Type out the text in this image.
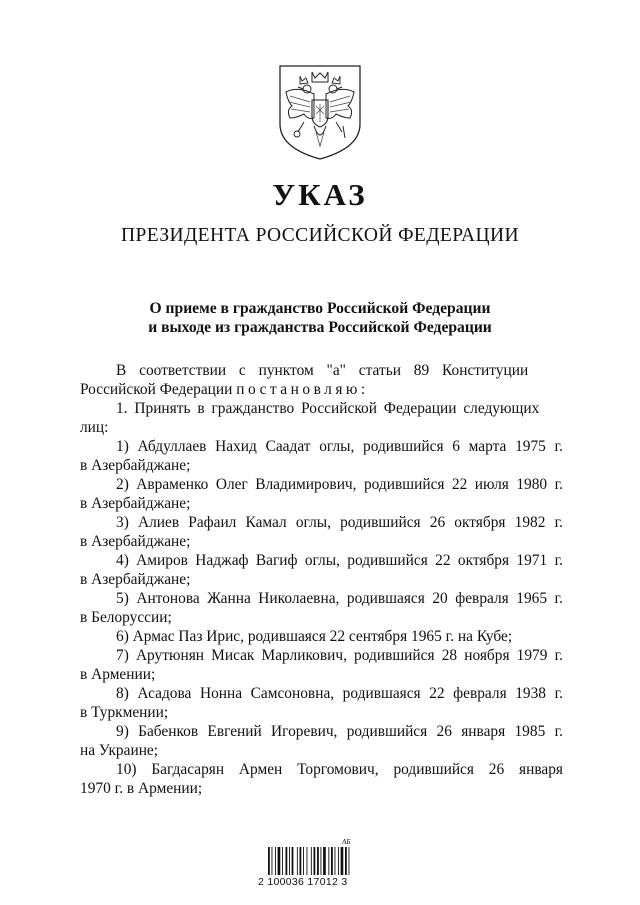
УКАЗ
ПРЕЗИДЕНТА РОССИЙСКОЙ ФЕДЕРАЦИИ
О приеме в гражданство Российской Федерации
и выходе из гражданства Российской Федерации

В соответствии с пунктом "а" статьи 89 Конституции

Российской Федерации постановляю:

1. Принять в гражданство Российской Федерации следующих

лиц:

1) Абдуллаев Нахид Саадат оглы, родившийся 6 марта 1975 г.

в Азербайджане;

2) Авраменко Олег Владимирович, родившийся 22 июля 1980 г.

в Азербайджане;

3) Алиев Рафаил Камал оглы, родившийся 26 октября 1982 г.

в Азербайджане;

4) Амиров Наджаф Вагиф оглы, родившийся 22 октября 1971 г.

в Азербайджане;

5) Антонова Жанна Николаевна, родившаяся 20 февраля 1965 г.

в Белоруссии;

6) Армас Паз Ирис, родившаяся 22 сентября 1965 г. на Кубе;

7) Арутюнян Мисак Марликович, родившийся 28 ноября 1979 г.

в Армении;

8) Асадова Нонна Самсоновна, родившаяся 22 февраля 1938 г.

в Туркмении;

9) Бабенков Евгений Игоревич, родившийся 26 января 1985 г.

на Украине;

10) Багдасарян Армен Торгомович, родившийся 26 января

1970 г. в Армении;

АБ
2 100036 17012 3
